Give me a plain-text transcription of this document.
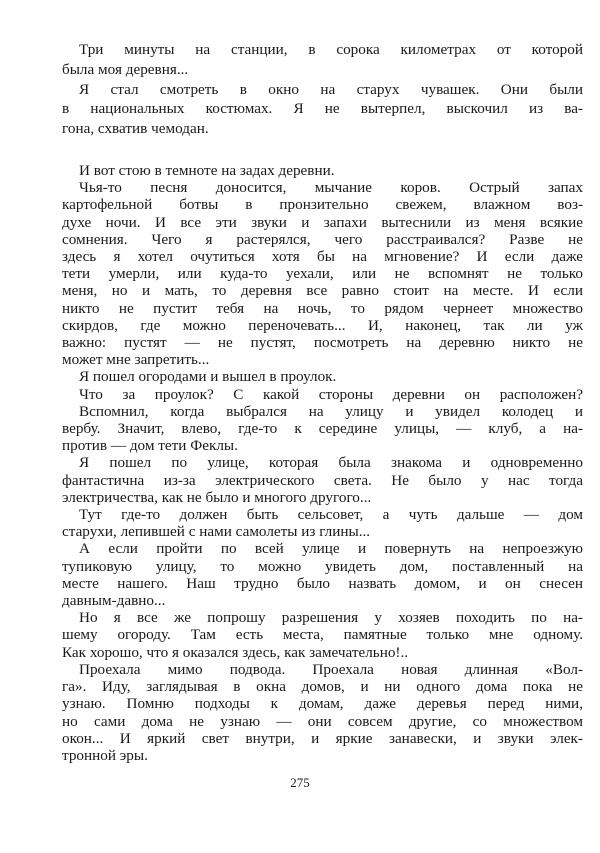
Три минуты на станции, в сорока километрах от которой
была моя деревня...
Я стал смотреть в окно на старух чувашек. Они были
в национальных костюмах. Я не вытерпел, выскочил из ва-
гона, схватив чемодан.
И вот стою в темноте на задах деревни.
Чья-то песня доносится, мычание коров. Острый запах
картофельной ботвы в пронзительно свежем, влажном воз-
духе ночи. И все эти звуки и запахи вытеснили из меня всякие
сомнения. Чего я растерялся, чего расстраивался? Разве не
здесь я хотел очутиться хотя бы на мгновение? И если даже
тети умерли, или куда-то уехали, или не вспомнят не только
меня, но и мать, то деревня все равно стоит на месте. И если
никто не пустит тебя на ночь, то рядом чернеет множество
скирдов, где можно переночевать... И, наконец, так ли уж
важно: пустят — не пустят, посмотреть на деревню никто не
может мне запретить...
Я пошел огородами и вышел в проулок.
Что за проулок? С какой стороны деревни он расположен?
Вспомнил, когда выбрался на улицу и увидел колодец и
вербу. Значит, влево, где-то к середине улицы, — клуб, а на-
против — дом тети Феклы.
Я пошел по улице, которая была знакома и одновременно
фантастична из-за электрического света. Не было у нас тогда
электричества, как не было и многого другого...
Тут где-то должен быть сельсовет, а чуть дальше — дом
старухи, лепившей с нами самолеты из глины...
А если пройти по всей улице и повернуть на непроезжую
тупиковую улицу, то можно увидеть дом, поставленный на
месте нашего. Наш трудно было назвать домом, и он снесен
давным-давно...
Но я все же попрошу разрешения у хозяев походить по на-
шему огороду. Там есть места, памятные только мне одному.
Как хорошо, что я оказался здесь, как замечательно!..
Проехала мимо подвода. Проехала новая длинная «Вол-
га». Иду, заглядывая в окна домов, и ни одного дома пока не
узнаю. Помню подходы к домам, даже деревья перед ними,
но сами дома не узнаю — они совсем другие, со множеством
окон... И яркий свет внутри, и яркие занавески, и звуки элек-
тронной эры.
275
